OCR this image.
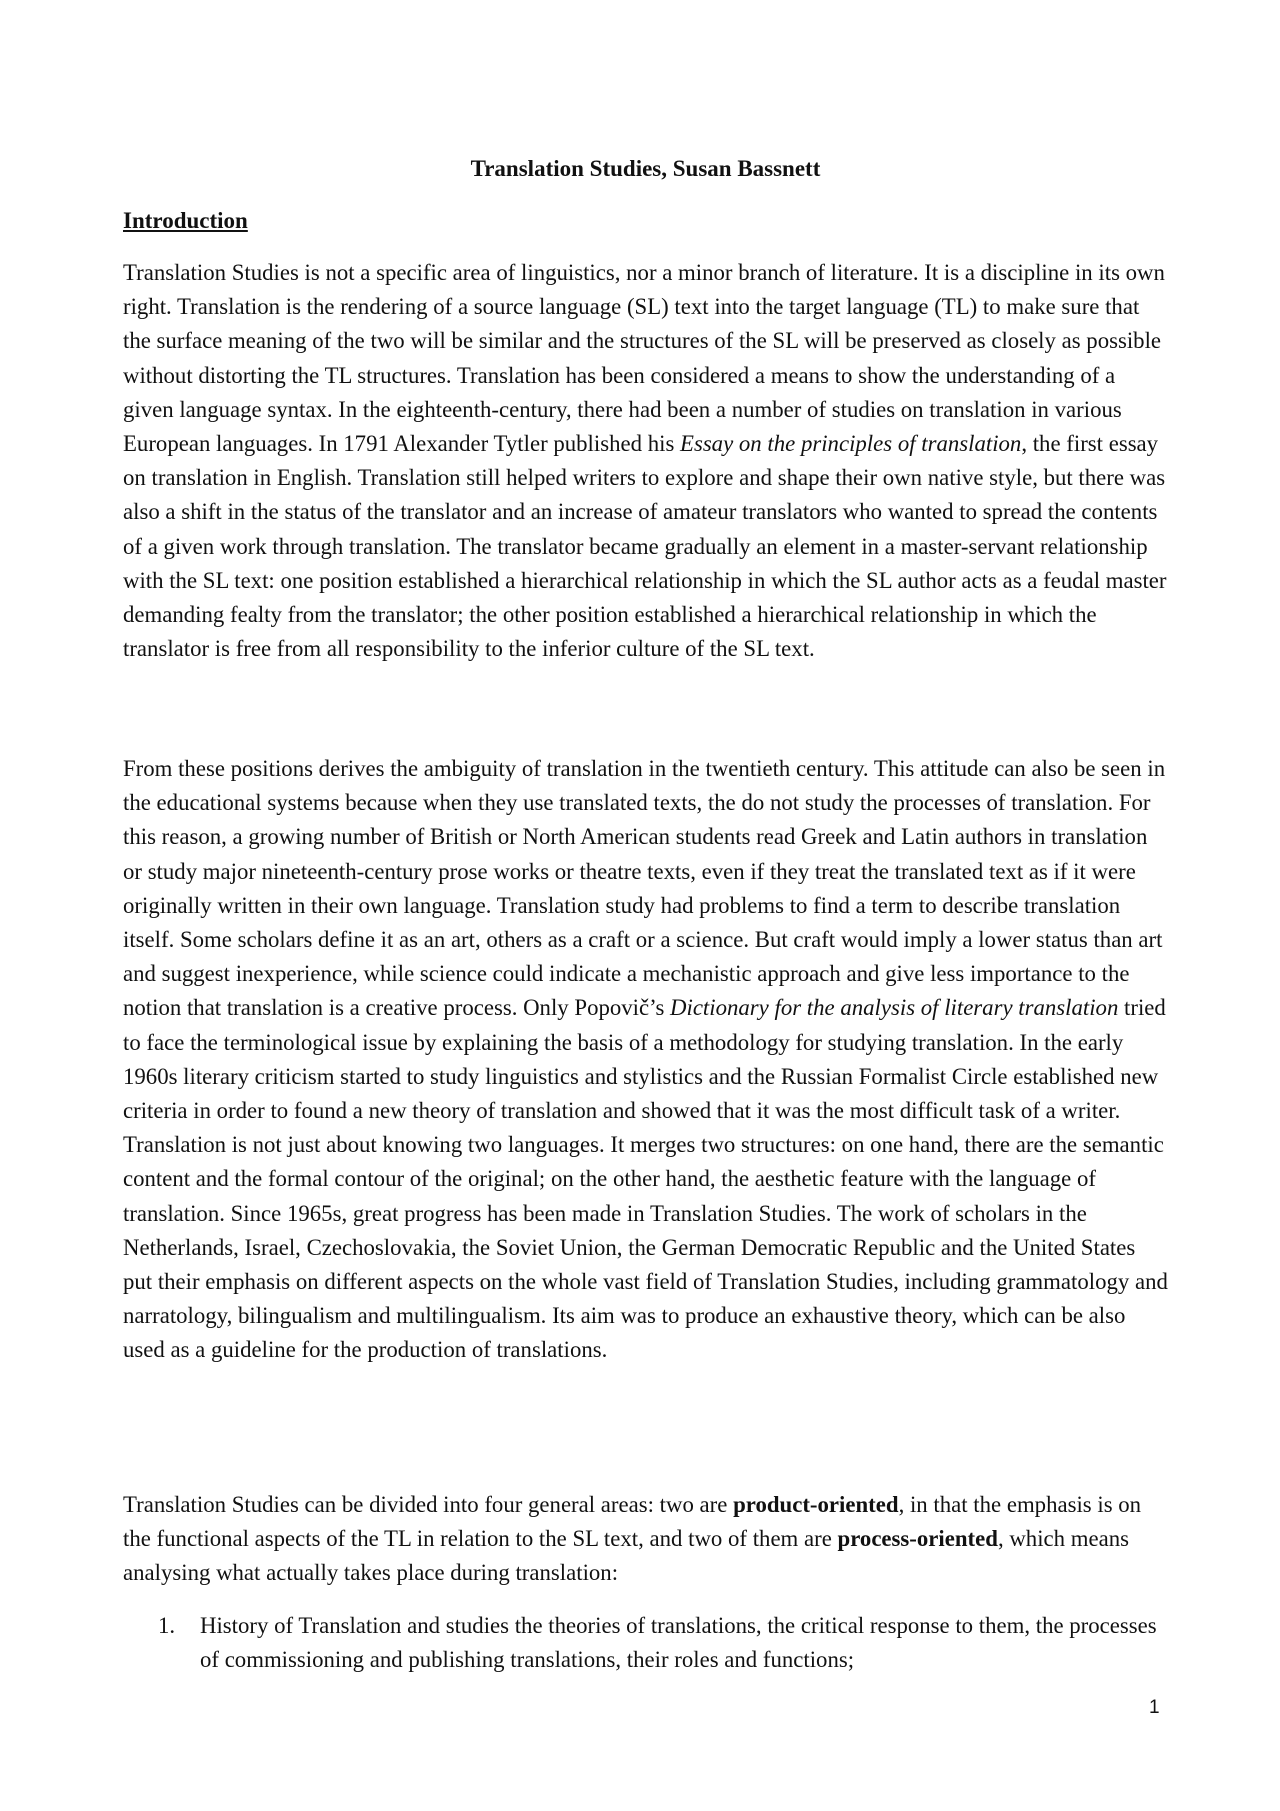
Translation Studies, Susan Bassnett
Introduction

Translation Studies is not a specific area of linguistics, nor a minor branch of literature. It is a discipline in its own right. Translation is the rendering of a source language (SL) text into the target language (TL) to make sure that the surface meaning of the two will be similar and the structures of the SL will be preserved as closely as possible without distorting the TL structures. Translation has been considered a means to show the understanding of a given language syntax. In the eighteenth-century, there had been a number of studies on translation in various European languages. In 1791 Alexander Tytler published his Essay on the principles of translation, the first essay on translation in English. Translation still helped writers to explore and shape their own native style, but there was also a shift in the status of the translator and an increase of amateur translators who wanted to spread the contents of a given work through translation. The translator became gradually an element in a master-servant relationship with the SL text: one position established a hierarchical relationship in which the SL author acts as a feudal master demanding fealty from the translator; the other position established a hierarchical relationship in which the translator is free from all responsibility to the inferior culture of the SL text.

From these positions derives the ambiguity of translation in the twentieth century. This attitude can also be seen in the educational systems because when they use translated texts, the do not study the processes of translation. For this reason, a growing number of British or North American students read Greek and Latin authors in translation or study major nineteenth-century prose works or theatre texts, even if they treat the translated text as if it were originally written in their own language. Translation study had problems to find a term to describe translation itself. Some scholars define it as an art, others as a craft or a science. But craft would imply a lower status than art and suggest inexperience, while science could indicate a mechanistic approach and give less importance to the notion that translation is a creative process. Only Popovič’s Dictionary for the analysis of literary translation tried to face the terminological issue by explaining the basis of a methodology for studying translation. In the early 1960s literary criticism started to study linguistics and stylistics and the Russian Formalist Circle established new criteria in order to found a new theory of translation and showed that it was the most difficult task of a writer. Translation is not just about knowing two languages. It merges two structures: on one hand, there are the semantic content and the formal contour of the original; on the other hand, the aesthetic feature with the language of translation. Since 1965s, great progress has been made in Translation Studies. The work of scholars in the Netherlands, Israel, Czechoslovakia, the Soviet Union, the German Democratic Republic and the United States put their emphasis on different aspects on the whole vast field of Translation Studies, including grammatology and narratology, bilingualism and multilingualism. Its aim was to produce an exhaustive theory, which can be also used as a guideline for the production of translations.

Translation Studies can be divided into four general areas: two are product-oriented, in that the emphasis is on the functional aspects of the TL in relation to the SL text, and two of them are process-oriented, which means analysing what actually takes place during translation:

1. History of Translation and studies the theories of translations, the critical response to them, the processes of commissioning and publishing translations, their roles and functions;
1
